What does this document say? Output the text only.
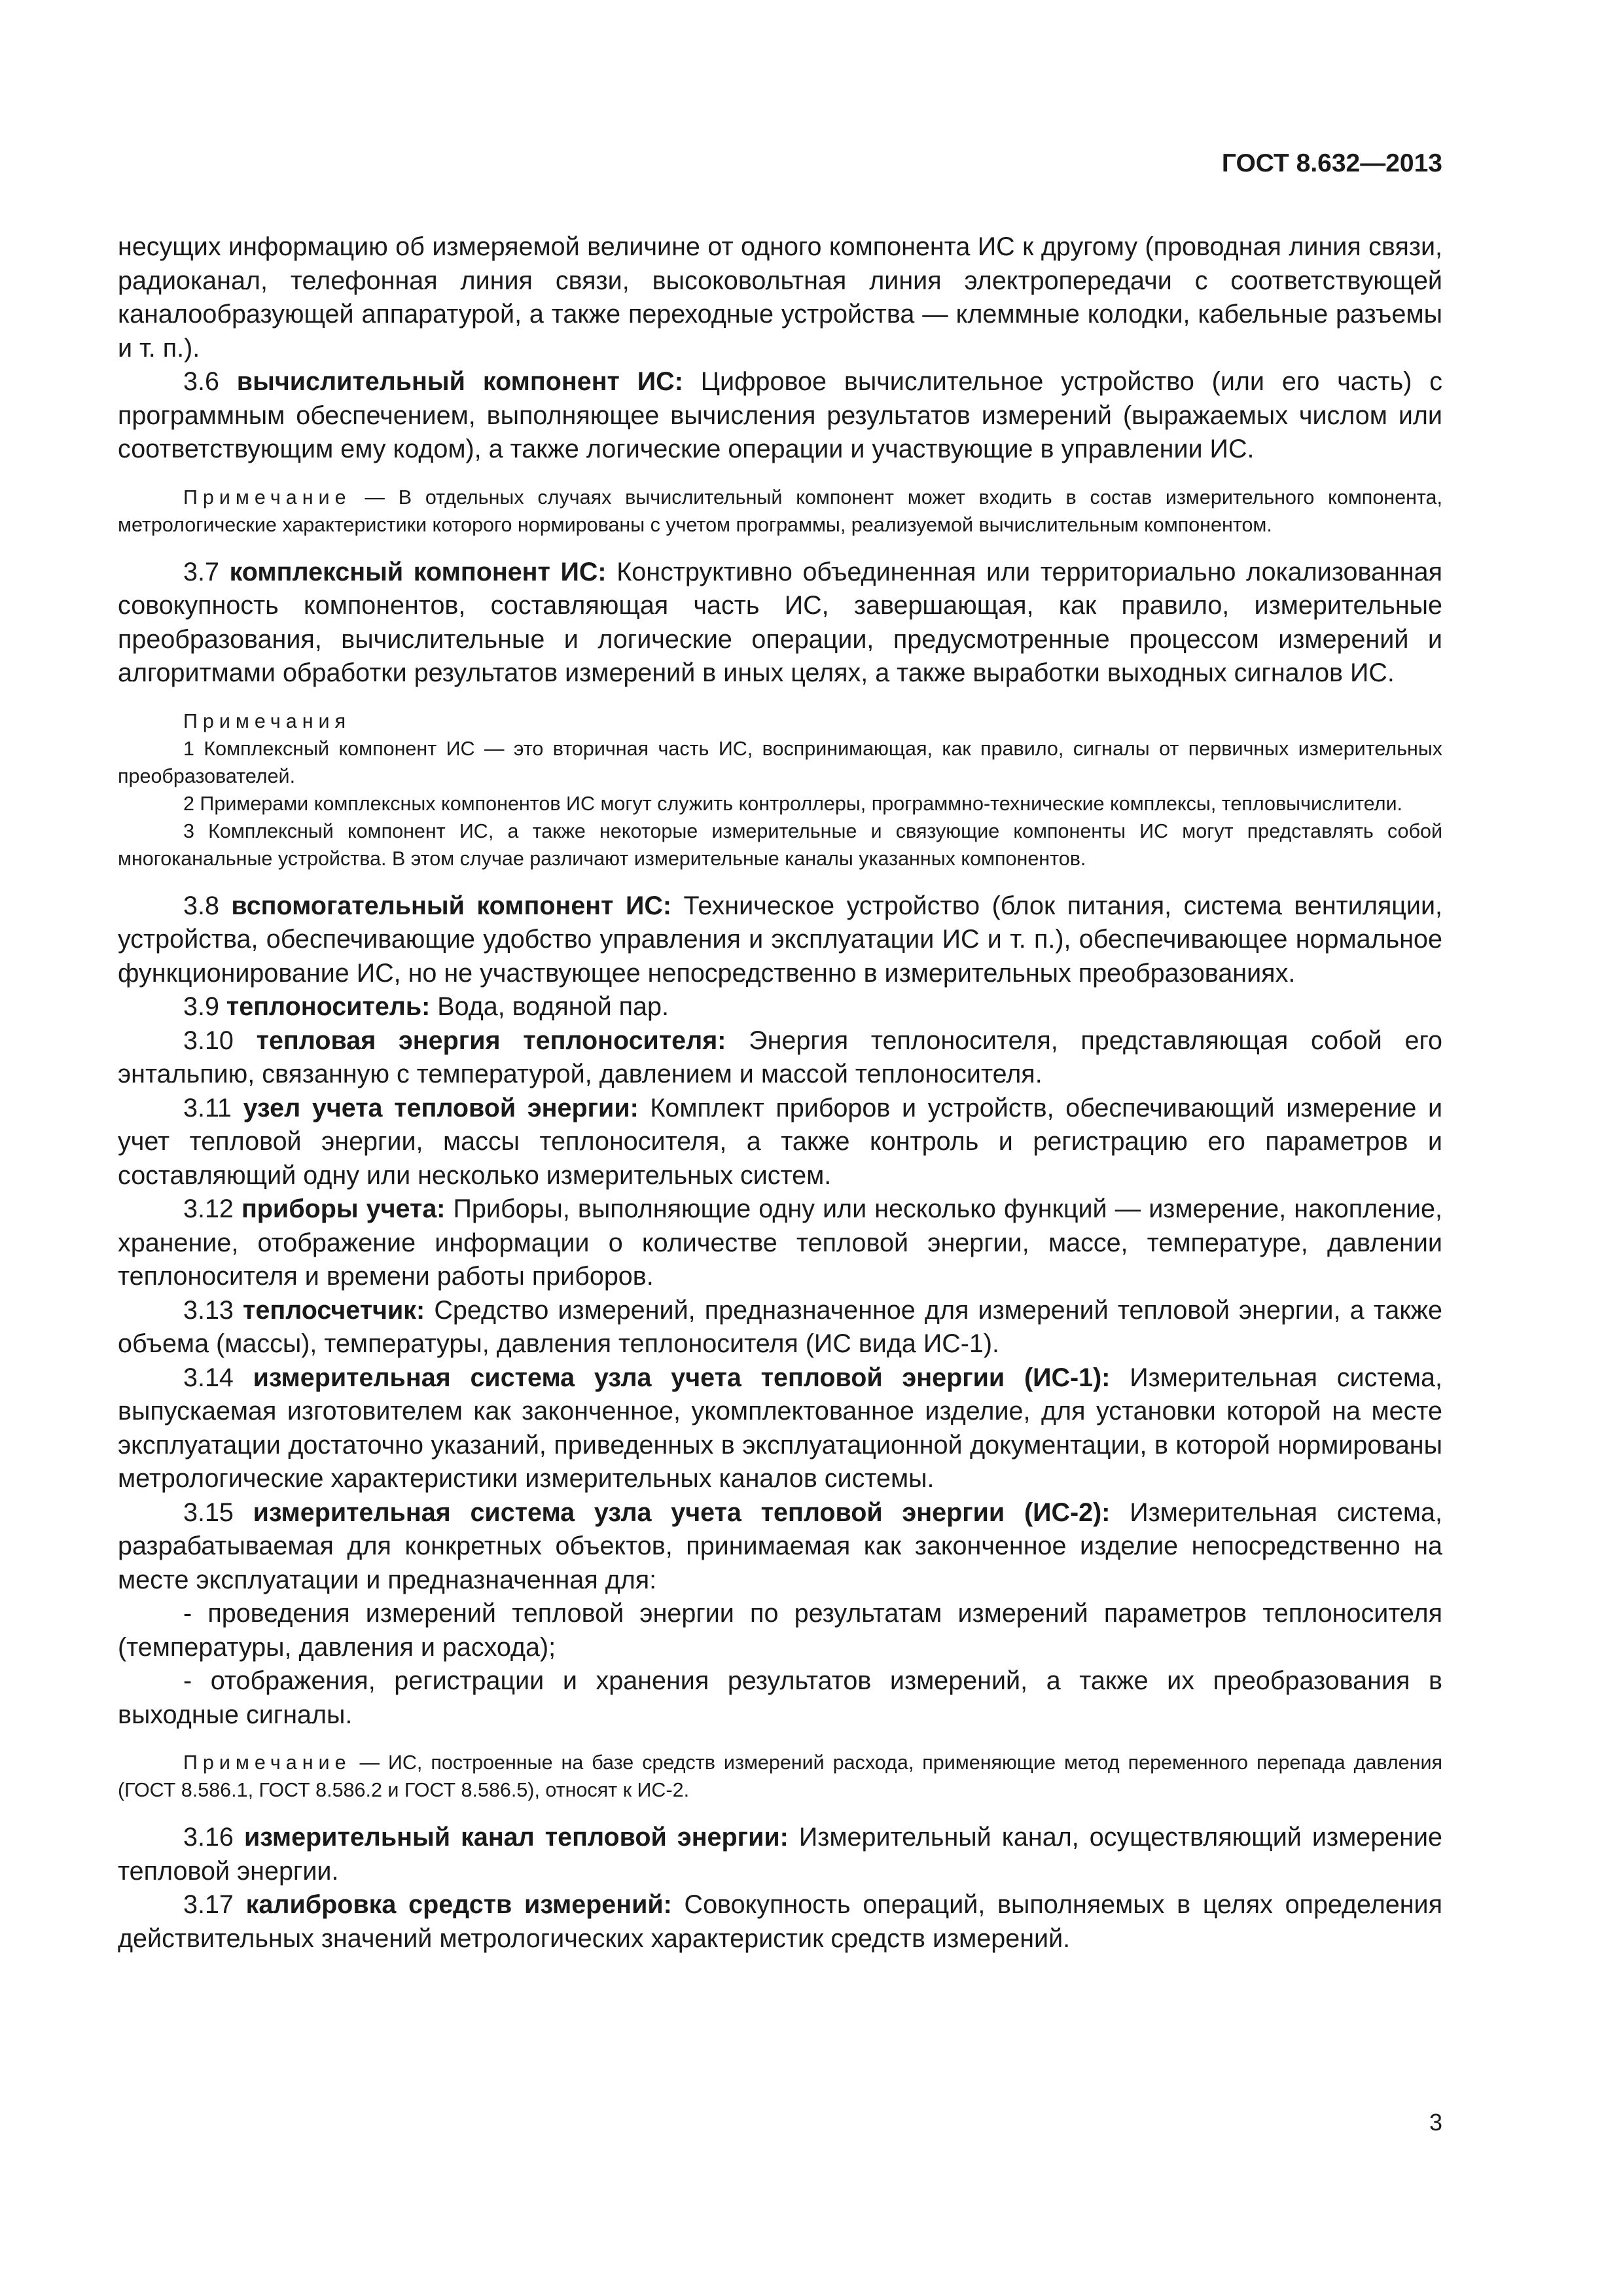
ГОСТ 8.632—2013

несущих информацию об измеряемой величине от одного компонента ИС к другому (проводная линия связи, радиоканал, телефонная линия связи, высоковольтная линия электропередачи с соответствующей каналообразующей аппаратурой, а также переходные устройства — клеммные колодки, кабельные разъемы и т. п.).

3.6 вычислительный компонент ИС: Цифровое вычислительное устройство (или его часть) с программным обеспечением, выполняющее вычисления результатов измерений (выражаемых числом или соответствующим ему кодом), а также логические операции и участвующие в управлении ИС.

Примечание — В отдельных случаях вычислительный компонент может входить в состав измерительного компонента, метрологические характеристики которого нормированы с учетом программы, реализуемой вычислительным компонентом.

3.7 комплексный компонент ИС: Конструктивно объединенная или территориально локализованная совокупность компонентов, составляющая часть ИС, завершающая, как правило, измерительные преобразования, вычислительные и логические операции, предусмотренные процессом измерений и алгоритмами обработки результатов измерений в иных целях, а также выработки выходных сигналов ИС.

Примечания

1 Комплексный компонент ИС — это вторичная часть ИС, воспринимающая, как правило, сигналы от первичных измерительных преобразователей.

2 Примерами комплексных компонентов ИС могут служить контроллеры, программно-технические комплексы, тепловычислители.

3 Комплексный компонент ИС, а также некоторые измерительные и связующие компоненты ИС могут представлять собой многоканальные устройства. В этом случае различают измерительные каналы указанных компонентов.

3.8 вспомогательный компонент ИС: Техническое устройство (блок питания, система вентиляции, устройства, обеспечивающие удобство управления и эксплуатации ИС и т. п.), обеспечивающее нормальное функционирование ИС, но не участвующее непосредственно в измерительных преобразованиях.

3.9 теплоноситель: Вода, водяной пар.

3.10 тепловая энергия теплоносителя: Энергия теплоносителя, представляющая собой его энтальпию, связанную с температурой, давлением и массой теплоносителя.

3.11 узел учета тепловой энергии: Комплект приборов и устройств, обеспечивающий измерение и учет тепловой энергии, массы теплоносителя, а также контроль и регистрацию его параметров и составляющий одну или несколько измерительных систем.

3.12 приборы учета: Приборы, выполняющие одну или несколько функций — измерение, накопление, хранение, отображение информации о количестве тепловой энергии, массе, температуре, давлении теплоносителя и времени работы приборов.

3.13 теплосчетчик: Средство измерений, предназначенное для измерений тепловой энергии, а также объема (массы), температуры, давления теплоносителя (ИС вида ИС-1).

3.14 измерительная система узла учета тепловой энергии (ИС-1): Измерительная система, выпускаемая изготовителем как законченное, укомплектованное изделие, для установки которой на месте эксплуатации достаточно указаний, приведенных в эксплуатационной документации, в которой нормированы метрологические характеристики измерительных каналов системы.

3.15 измерительная система узла учета тепловой энергии (ИС-2): Измерительная система, разрабатываемая для конкретных объектов, принимаемая как законченное изделие непосредственно на месте эксплуатации и предназначенная для:

- проведения измерений тепловой энергии по результатам измерений параметров теплоносителя (температуры, давления и расхода);

- отображения, регистрации и хранения результатов измерений, а также их преобразования в выходные сигналы.

Примечание — ИС, построенные на базе средств измерений расхода, применяющие метод переменного перепада давления (ГОСТ 8.586.1, ГОСТ 8.586.2 и ГОСТ 8.586.5), относят к ИС-2.

3.16 измерительный канал тепловой энергии: Измерительный канал, осуществляющий измерение тепловой энергии.

3.17 калибровка средств измерений: Совокупность операций, выполняемых в целях определения действительных значений метрологических характеристик средств измерений.

3
